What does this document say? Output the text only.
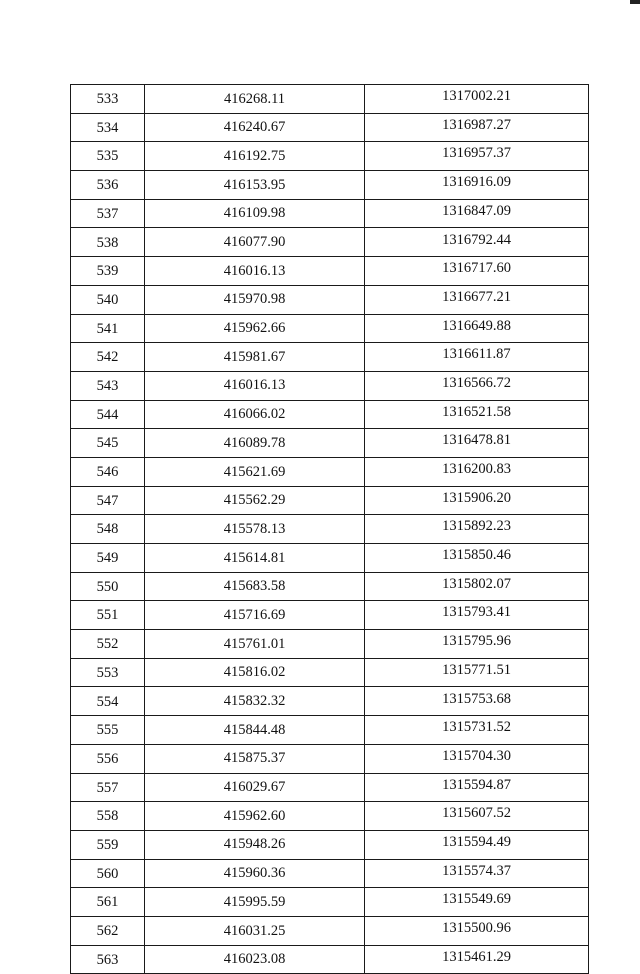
533	416268.11	1317002.21
534	416240.67	1316987.27
535	416192.75	1316957.37
536	416153.95	1316916.09
537	416109.98	1316847.09
538	416077.90	1316792.44
539	416016.13	1316717.60
540	415970.98	1316677.21
541	415962.66	1316649.88
542	415981.67	1316611.87
543	416016.13	1316566.72
544	416066.02	1316521.58
545	416089.78	1316478.81
546	415621.69	1316200.83
547	415562.29	1315906.20
548	415578.13	1315892.23
549	415614.81	1315850.46
550	415683.58	1315802.07
551	415716.69	1315793.41
552	415761.01	1315795.96
553	415816.02	1315771.51
554	415832.32	1315753.68
555	415844.48	1315731.52
556	415875.37	1315704.30
557	416029.67	1315594.87
558	415962.60	1315607.52
559	415948.26	1315594.49
560	415960.36	1315574.37
561	415995.59	1315549.69
562	416031.25	1315500.96
563	416023.08	1315461.29
